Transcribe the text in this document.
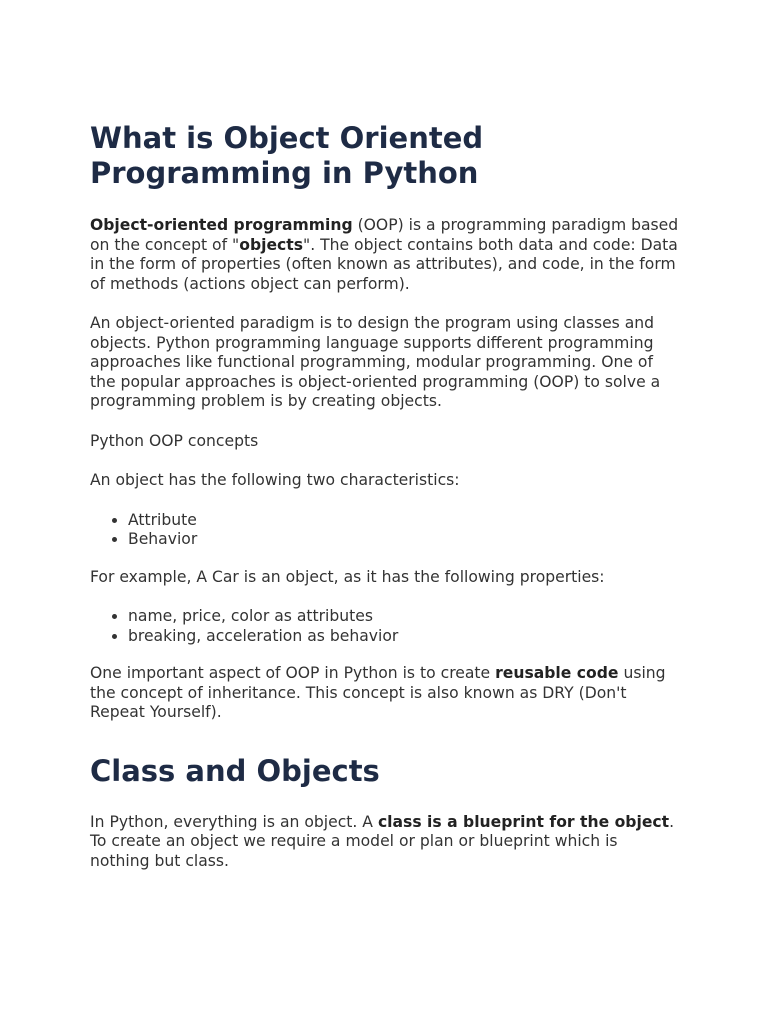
What is Object Oriented Programming in Python

Object-oriented programming (OOP) is a programming paradigm based on the concept of "objects". The object contains both data and code: Data in the form of properties (often known as attributes), and code, in the form of methods (actions object can perform).

An object-oriented paradigm is to design the program using classes and objects. Python programming language supports different programming approaches like functional programming, modular programming. One of the popular approaches is object-oriented programming (OOP) to solve a programming problem is by creating objects.

Python OOP concepts

An object has the following two characteristics:

• Attribute
• Behavior

For example, A Car is an object, as it has the following properties:

• name, price, color as attributes
• breaking, acceleration as behavior

One important aspect of OOP in Python is to create reusable code using the concept of inheritance. This concept is also known as DRY (Don't Repeat Yourself).

Class and Objects

In Python, everything is an object. A class is a blueprint for the object. To create an object we require a model or plan or blueprint which is nothing but class.
